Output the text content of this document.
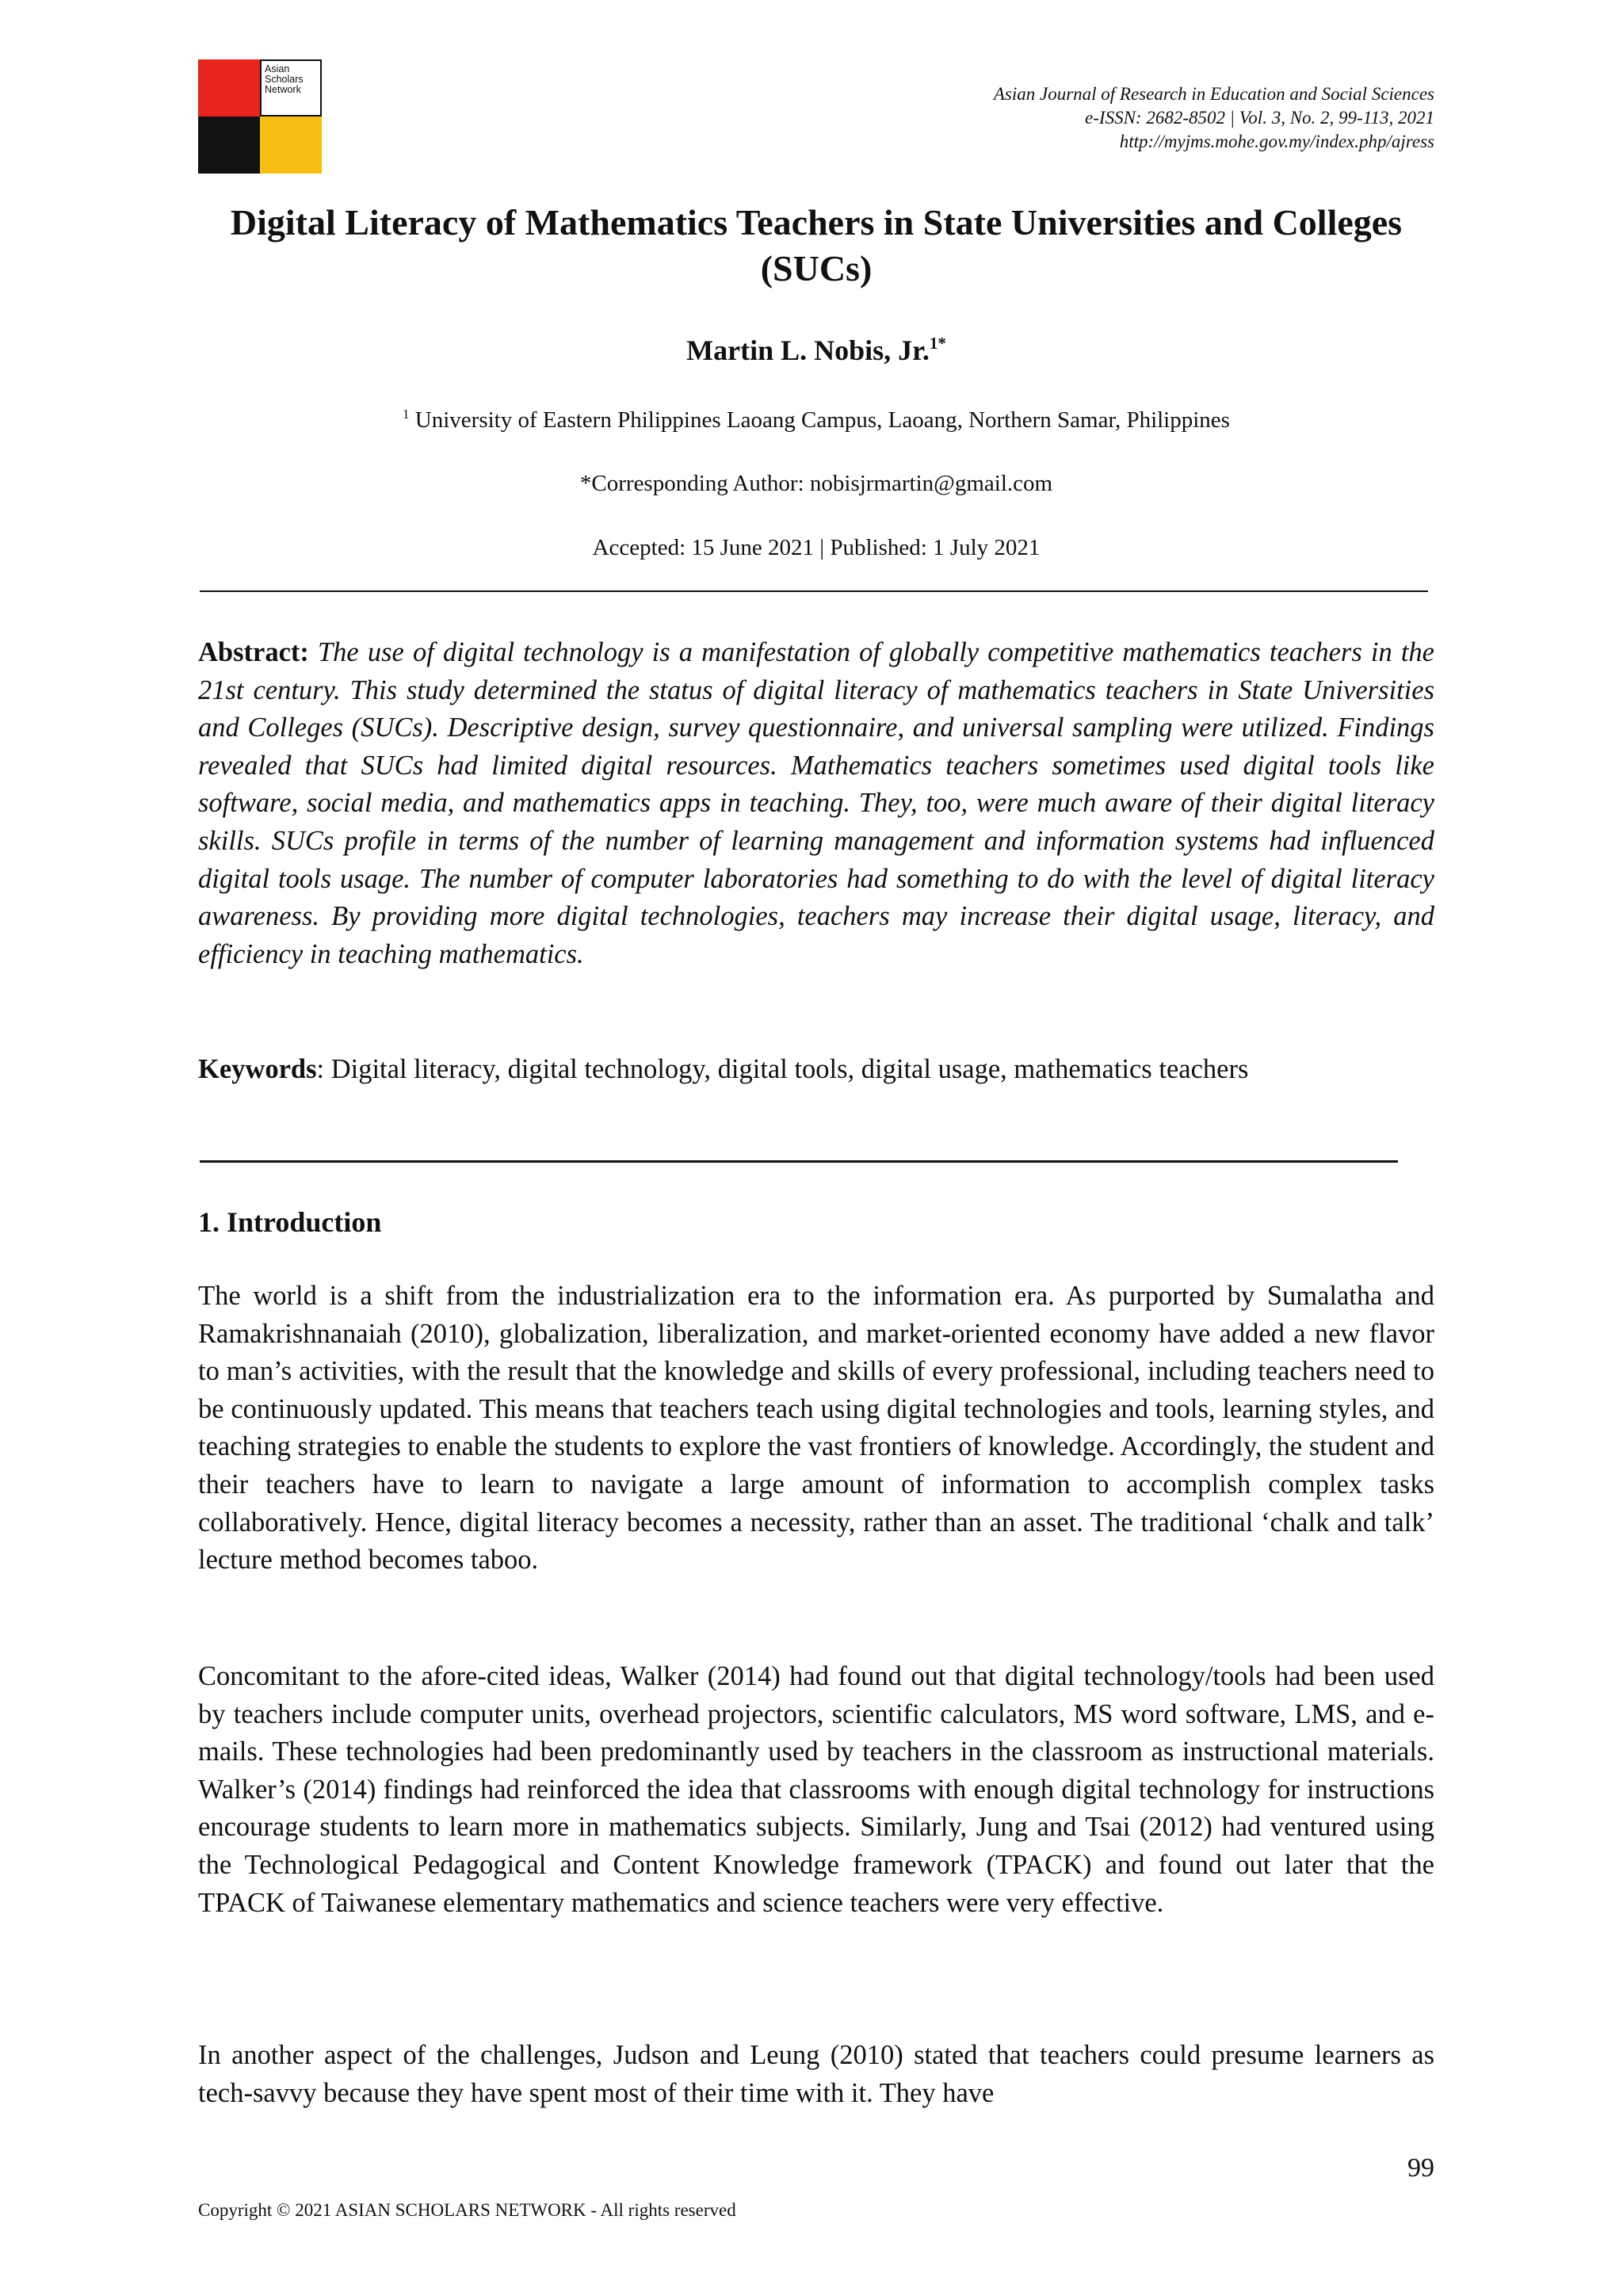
Asian Scholars Network	Asian Journal of Research in Education and Social Sciences
e-ISSN: 2682-8502 | Vol. 3, No. 2, 99-113, 2021
http://myjms.mohe.gov.my/index.php/ajress
Digital Literacy of Mathematics Teachers in State Universities and Colleges (SUCs)
Martin L. Nobis, Jr.$^{1*}$
$^1$ University of Eastern Philippines Laoang Campus, Laoang, Northern Samar, Philippines
*Corresponding Author: nobisjrmartin@gmail.com
Accepted: 15 June 2021 | Published: 1 July 2021

Abstract: The use of digital technology is a manifestation of globally competitive mathematics teachers in the 21st century. This study determined the status of digital literacy of mathematics teachers in State Universities and Colleges (SUCs). Descriptive design, survey questionnaire, and universal sampling were utilized. Findings revealed that SUCs had limited digital resources. Mathematics teachers sometimes used digital tools like software, social media, and mathematics apps in teaching. They, too, were much aware of their digital literacy skills. SUCs profile in terms of the number of learning management and information systems had influenced digital tools usage. The number of computer laboratories had something to do with the level of digital literacy awareness. By providing more digital technologies, teachers may increase their digital usage, literacy, and efficiency in teaching mathematics.

Keywords: Digital literacy, digital technology, digital tools, digital usage, mathematics teachers

1. Introduction

The world is a shift from the industrialization era to the information era. As purported by Sumalatha and Ramakrishnanaiah (2010), globalization, liberalization, and market-oriented economy have added a new flavor to man’s activities, with the result that the knowledge and skills of every professional, including teachers need to be continuously updated. This means that teachers teach using digital technologies and tools, learning styles, and teaching strategies to enable the students to explore the vast frontiers of knowledge. Accordingly, the student and their teachers have to learn to navigate a large amount of information to accomplish complex tasks collaboratively. Hence, digital literacy becomes a necessity, rather than an asset. The traditional ‘chalk and talk’ lecture method becomes taboo.

Concomitant to the afore-cited ideas, Walker (2014) had found out that digital technology/tools had been used by teachers include computer units, overhead projectors, scientific calculators, MS word software, LMS, and e-mails. These technologies had been predominantly used by teachers in the classroom as instructional materials. Walker’s (2014) findings had reinforced the idea that classrooms with enough digital technology for instructions encourage students to learn more in mathematics subjects. Similarly, Jung and Tsai (2012) had ventured using the Technological Pedagogical and Content Knowledge framework (TPACK) and found out later that the TPACK of Taiwanese elementary mathematics and science teachers were very effective.

In another aspect of the challenges, Judson and Leung (2010) stated that teachers could presume learners as tech-savvy because they have spent most of their time with it. They have

99
Copyright © 2021 ASIAN SCHOLARS NETWORK - All rights reserved
